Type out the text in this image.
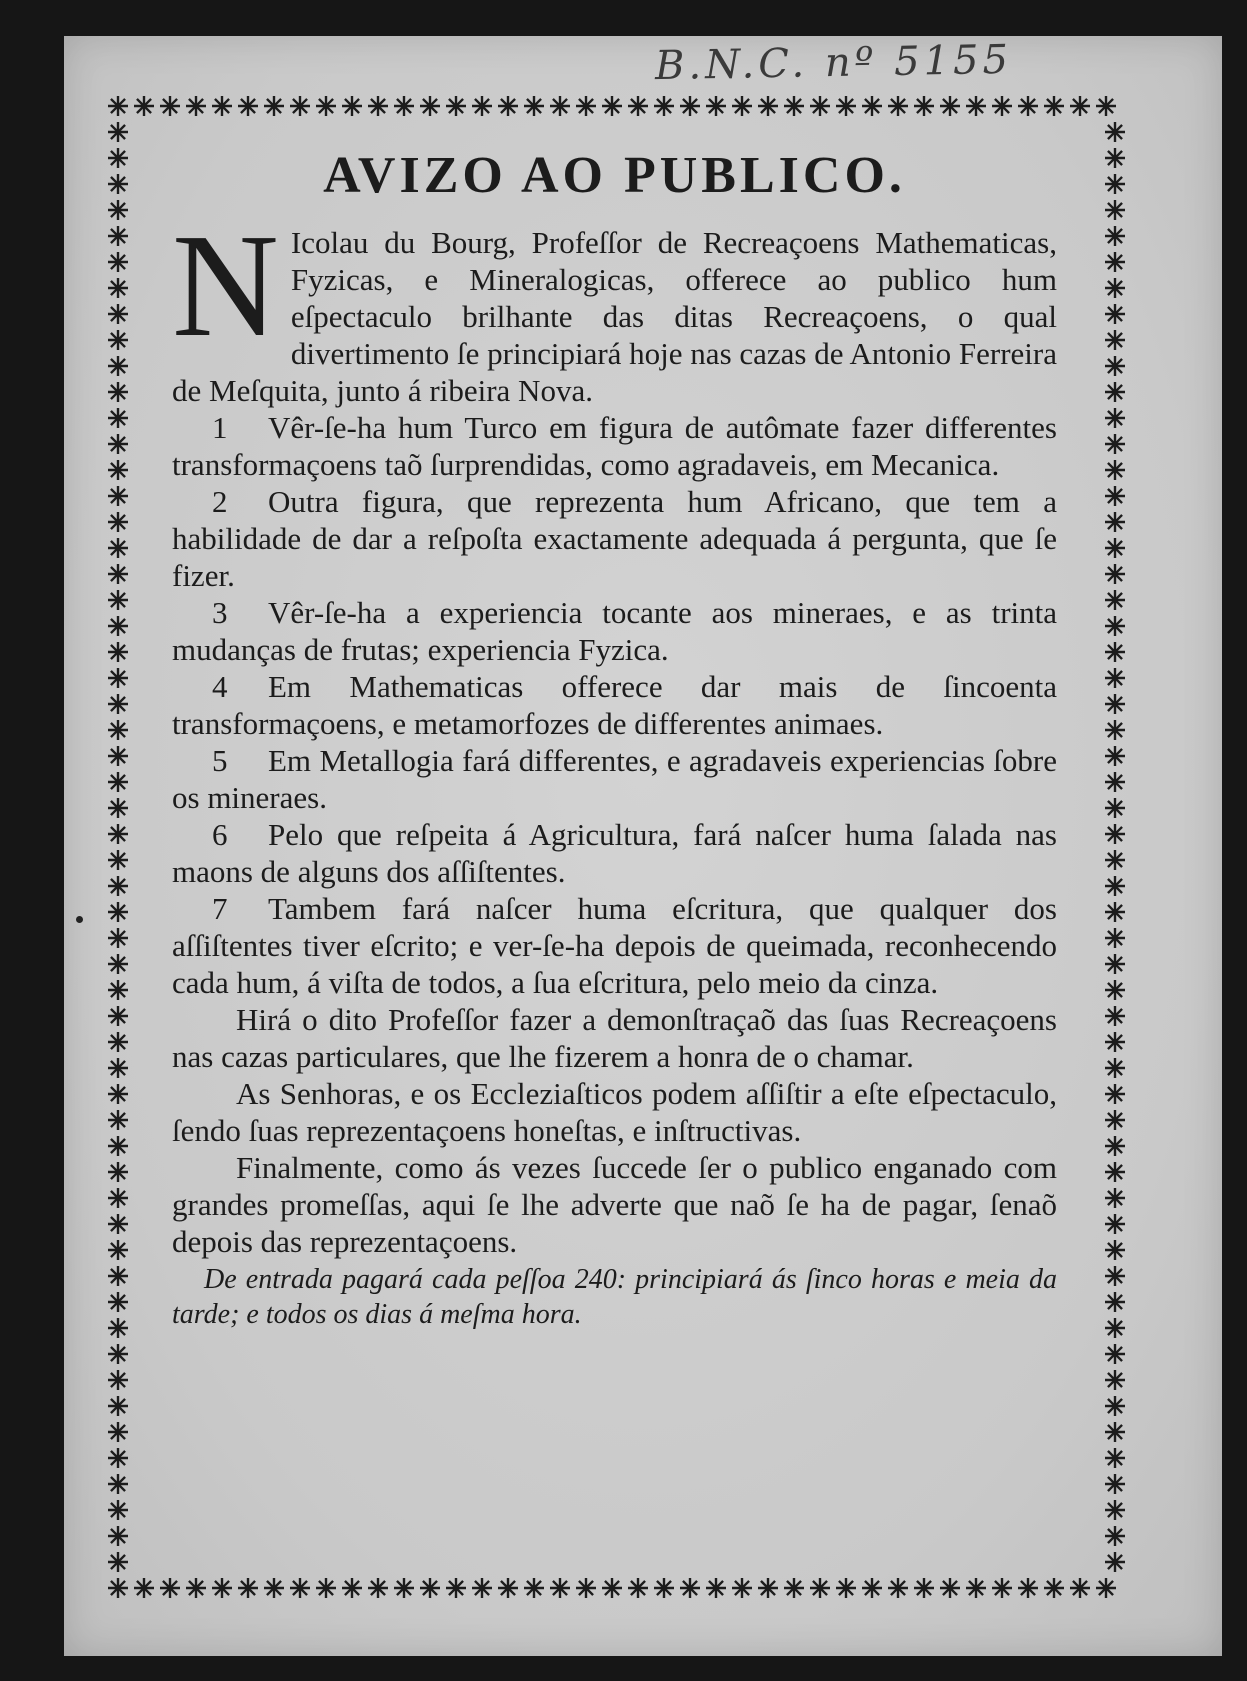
B.N.C. nº 5155
AVIZO AO PUBLICO.

N Icolau du Bourg, Profeſſor de Recreaçoens Mathematicas, Fyzicas, e Mineralogicas, offerece ao publico hum eſpectaculo brilhante das ditas Recreaçoens, o qual divertimento ſe principiará hoje nas cazas de Antonio Ferreira de Meſquita, junto á ribeira Nova.

1 Vêr-ſe-ha hum Turco em figura de autômate fazer differentes transformaçoens taõ ſurprendidas, como agradaveis, em Mecanica.

2 Outra figura, que reprezenta hum Africano, que tem a habilidade de dar a reſpoſta exactamente adequada á pergunta, que ſe fizer.

3 Vêr-ſe-ha a experiencia tocante aos mineraes, e as trinta mudanças de frutas; experiencia Fyzica.

4 Em Mathematicas offerece dar mais de ſincoenta transformaçoens, e metamorfozes de differentes animaes.

5 Em Metallogia fará differentes, e agradaveis experiencias ſobre os mineraes.

6 Pelo que reſpeita á Agricultura, fará naſcer huma ſalada nas maons de alguns dos aſſiſtentes.

7 Tambem fará naſcer huma eſcritura, que qualquer dos aſſiſtentes tiver eſcrito; e ver-ſe-ha depois de queimada, reconhecendo cada hum, á viſta de todos, a ſua eſcritura, pelo meio da cinza.

Hirá o dito Profeſſor fazer a demonſtraçaõ das ſuas Recreaçoens nas cazas particulares, que lhe fizerem a honra de o chamar.

As Senhoras, e os Eccleziaſticos podem aſſiſtir a eſte eſpectaculo, ſendo ſuas reprezentaçoens honeſtas, e inſtructivas.

Finalmente, como ás vezes ſuccede ſer o publico enganado com grandes promeſſas, aqui ſe lhe adverte que naõ ſe ha de pagar, ſenaõ depois das reprezentaçoens.

De entrada pagará cada peſſoa 240: principiará ás ſinco horas e meia da tarde; e todos os dias á meſma hora.
